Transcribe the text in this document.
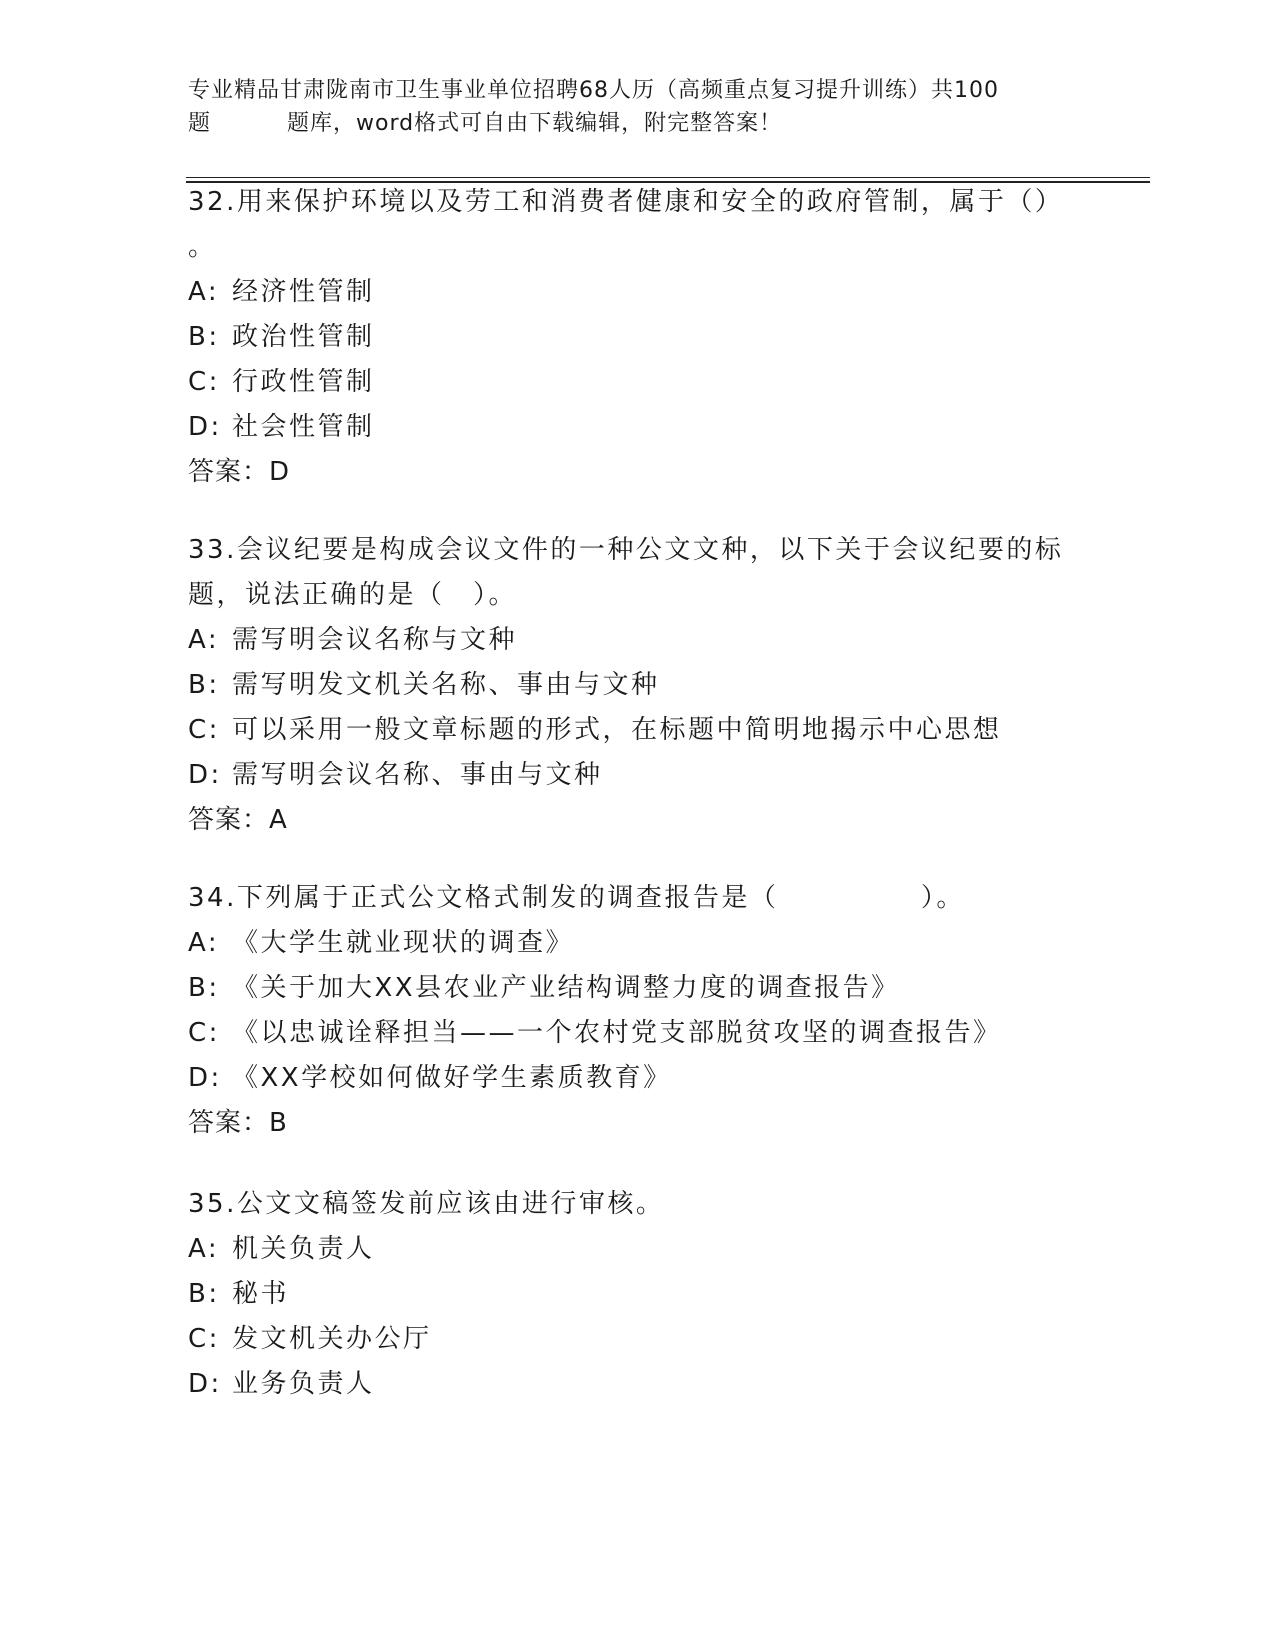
专业精品甘肃陇南市卫生事业单位招聘68人历（高频重点复习提升训练）共100
题	题库，word格式可自由下载编辑，附完整答案！
32.用来保护环境以及劳工和消费者健康和安全的政府管制，属于（）
。
A: 经济性管制
B: 政治性管制
C: 行政性管制
D: 社会性管制
答案：D
33.会议纪要是构成会议文件的一种公文文种，以下关于会议纪要的标
题，说法正确的是（　）。
A: 需写明会议名称与文种
B: 需写明发文机关名称、事由与文种
C: 可以采用一般文章标题的形式，在标题中简明地揭示中心思想
D: 需写明会议名称、事由与文种
答案：A
34.下列属于正式公文格式制发的调查报告是（　　　　　）。
A: 《大学生就业现状的调查》
B: 《关于加大XX县农业产业结构调整力度的调查报告》
C: 《以忠诚诠释担当——一个农村党支部脱贫攻坚的调查报告》
D: 《XX学校如何做好学生素质教育》
答案：B
35.公文文稿签发前应该由进行审核。
A: 机关负责人
B: 秘书
C: 发文机关办公厅
D: 业务负责人
